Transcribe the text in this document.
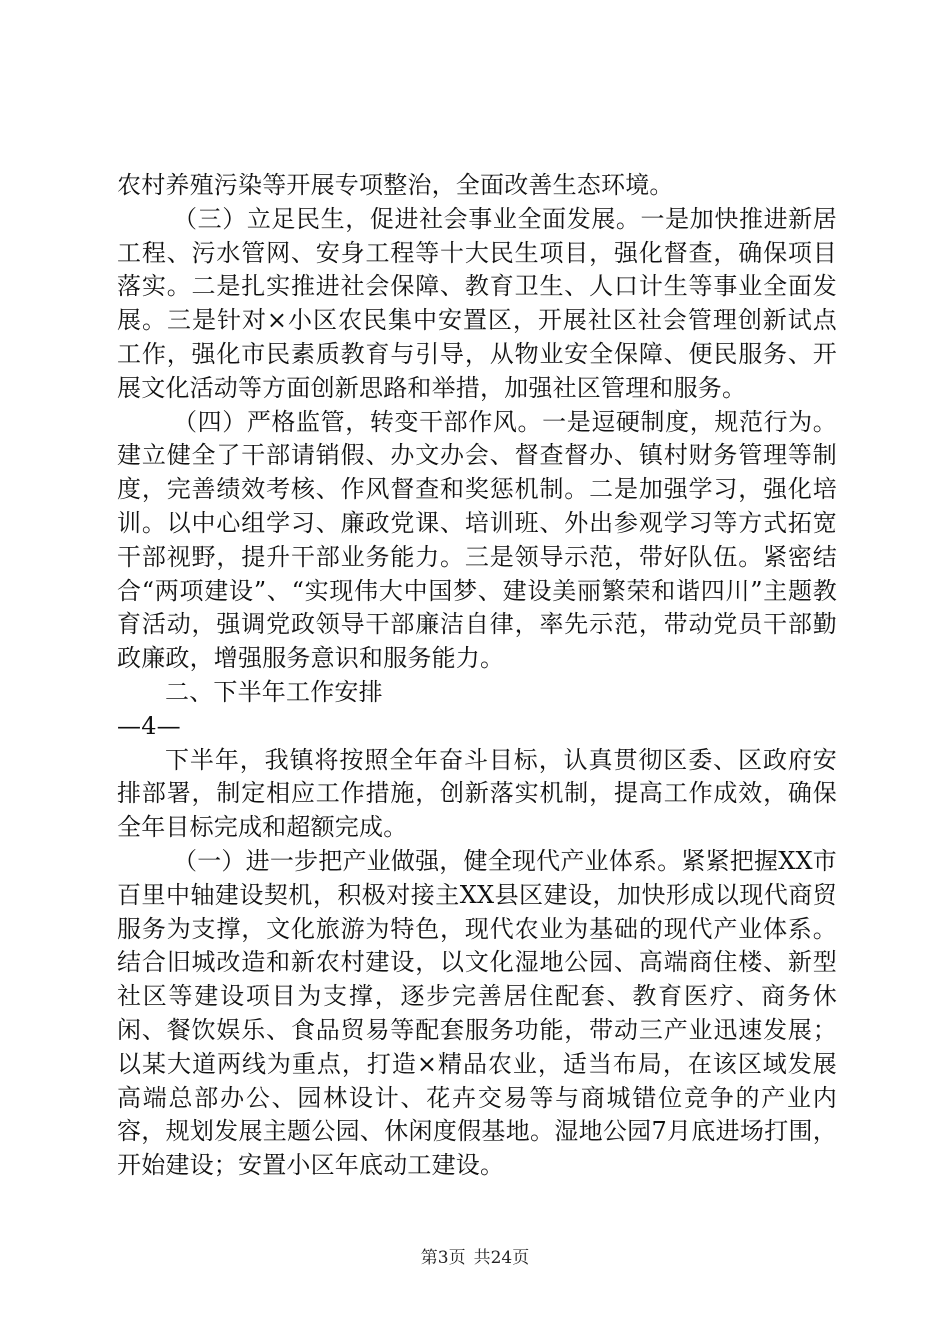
农村养殖污染等开展专项整治，全面改善生态环境。

（三）立足民生，促进社会事业全面发展。一是加快推进新居工程、污水管网、安身工程等十大民生项目，强化督查，确保项目落实。二是扎实推进社会保障、教育卫生、人口计生等事业全面发展。三是针对×小区农民集中安置区，开展社区社会管理创新试点工作，强化市民素质教育与引导，从物业安全保障、便民服务、开展文化活动等方面创新思路和举措，加强社区管理和服务。

（四）严格监管，转变干部作风。一是逗硬制度，规范行为。建立健全了干部请销假、办文办会、督查督办、镇村财务管理等制度，完善绩效考核、作风督查和奖惩机制。二是加强学习，强化培训。以中心组学习、廉政党课、培训班、外出参观学习等方式拓宽干部视野，提升干部业务能力。三是领导示范，带好队伍。紧密结合“两项建设”、“实现伟大中国梦、建设美丽繁荣和谐四川”主题教育活动，强调党政领导干部廉洁自律，率先示范，带动党员干部勤政廉政，增强服务意识和服务能力。

二、下半年工作安排

—4—

下半年，我镇将按照全年奋斗目标，认真贯彻区委、区政府安排部署，制定相应工作措施，创新落实机制，提高工作成效，确保全年目标完成和超额完成。

（一）进一步把产业做强，健全现代产业体系。紧紧把握XX市百里中轴建设契机，积极对接主XX县区建设，加快形成以现代商贸服务为支撑，文化旅游为特色，现代农业为基础的现代产业体系。结合旧城改造和新农村建设，以文化湿地公园、高端商住楼、新型社区等建设项目为支撑，逐步完善居住配套、教育医疗、商务休闲、餐饮娱乐、食品贸易等配套服务功能，带动三产业迅速发展；以某大道两线为重点，打造×精品农业，适当布局，在该区域发展高端总部办公、园林设计、花卉交易等与商城错位竞争的产业内容，规划发展主题公园、休闲度假基地。湿地公园7月底进场打围，开始建设；安置小区年底动工建设。

第3页 共24页
